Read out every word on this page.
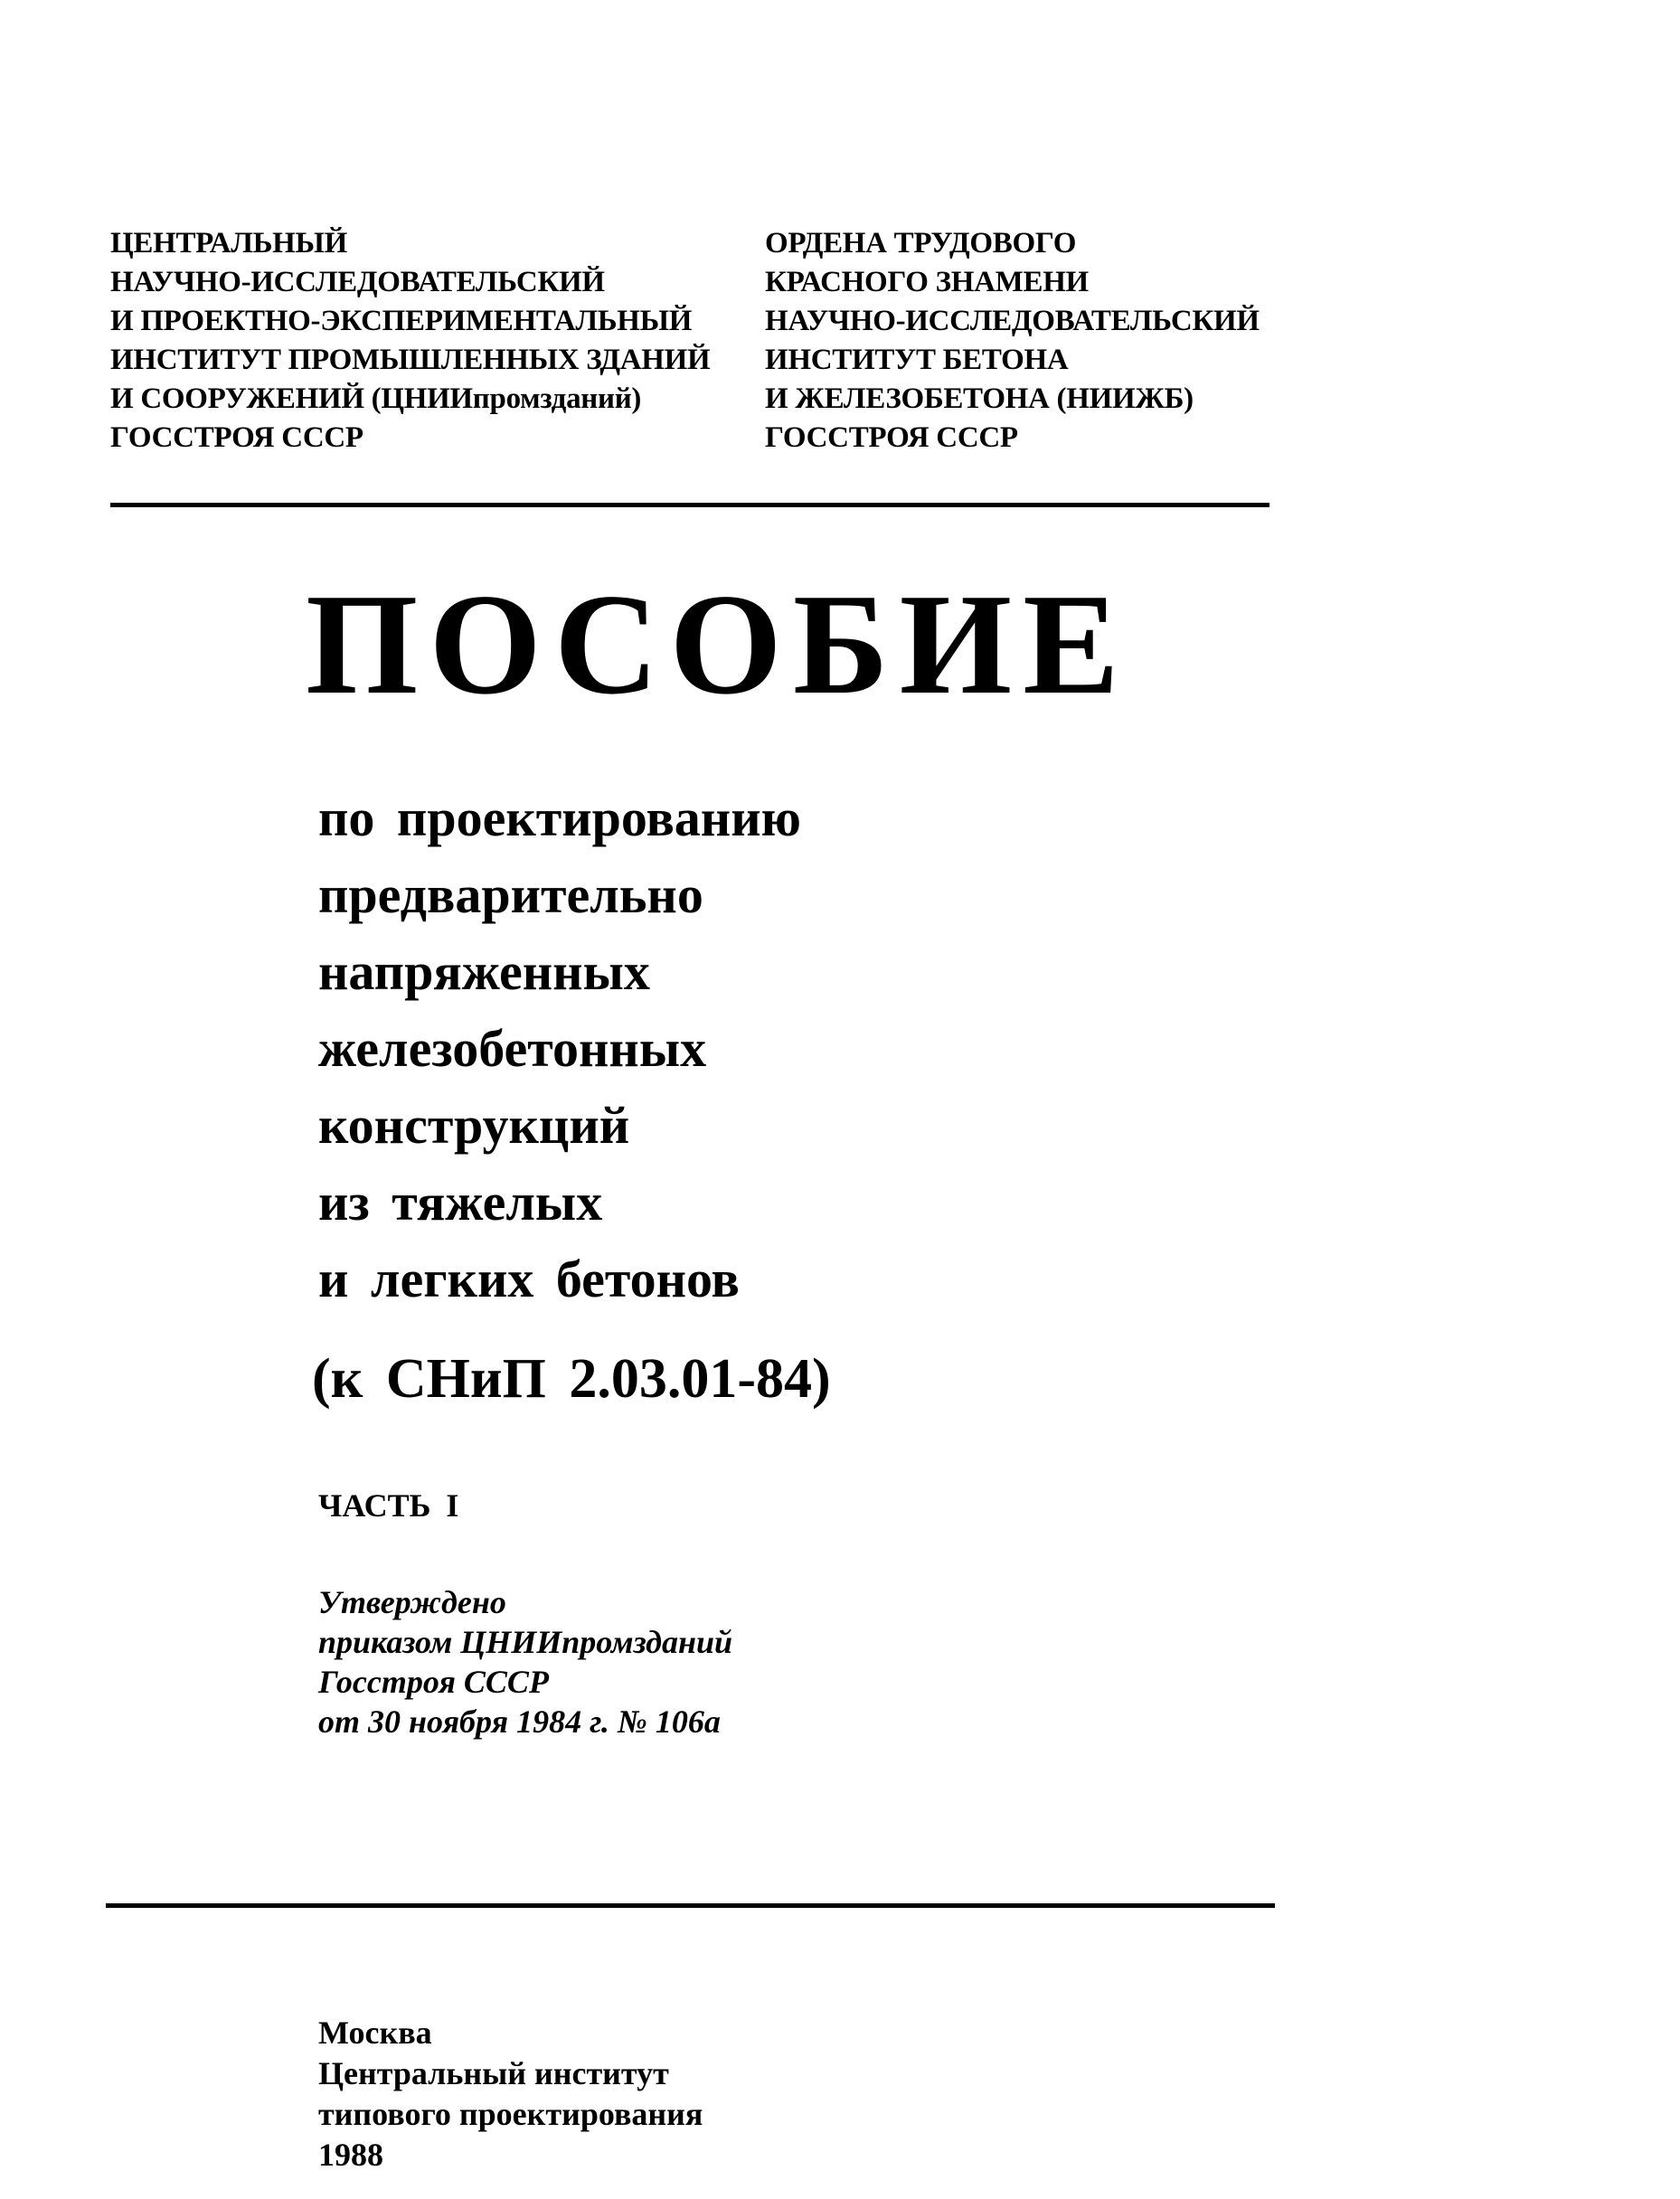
ЦЕНТРАЛЬНЫЙ
НАУЧНО-ИССЛЕДОВАТЕЛЬСКИЙ
И ПРОЕКТНО-ЭКСПЕРИМЕНТАЛЬНЫЙ
ИНСТИТУТ ПРОМЫШЛЕННЫХ ЗДАНИЙ
И СООРУЖЕНИЙ (ЦНИИпромзданий)
ГОССТРОЯ СССР
ОРДЕНА ТРУДОВОГО
КРАСНОГО ЗНАМЕНИ
НАУЧНО-ИССЛЕДОВАТЕЛЬСКИЙ
ИНСТИТУТ БЕТОНА
И ЖЕЛЕЗОБЕТОНА (НИИЖБ)
ГОССТРОЯ СССР
ПОСОБИЕ
по проектированию
предварительно
напряженных
железобетонных
конструкций
из тяжелых
и легких бетонов
(к СНиП 2.03.01-84)
ЧАСТЬ I
Утверждено
приказом ЦНИИпромзданий
Госстроя СССР
от 30 ноября 1984 г. № 106а
Москва
Центральный институт
типового проектирования
1988
